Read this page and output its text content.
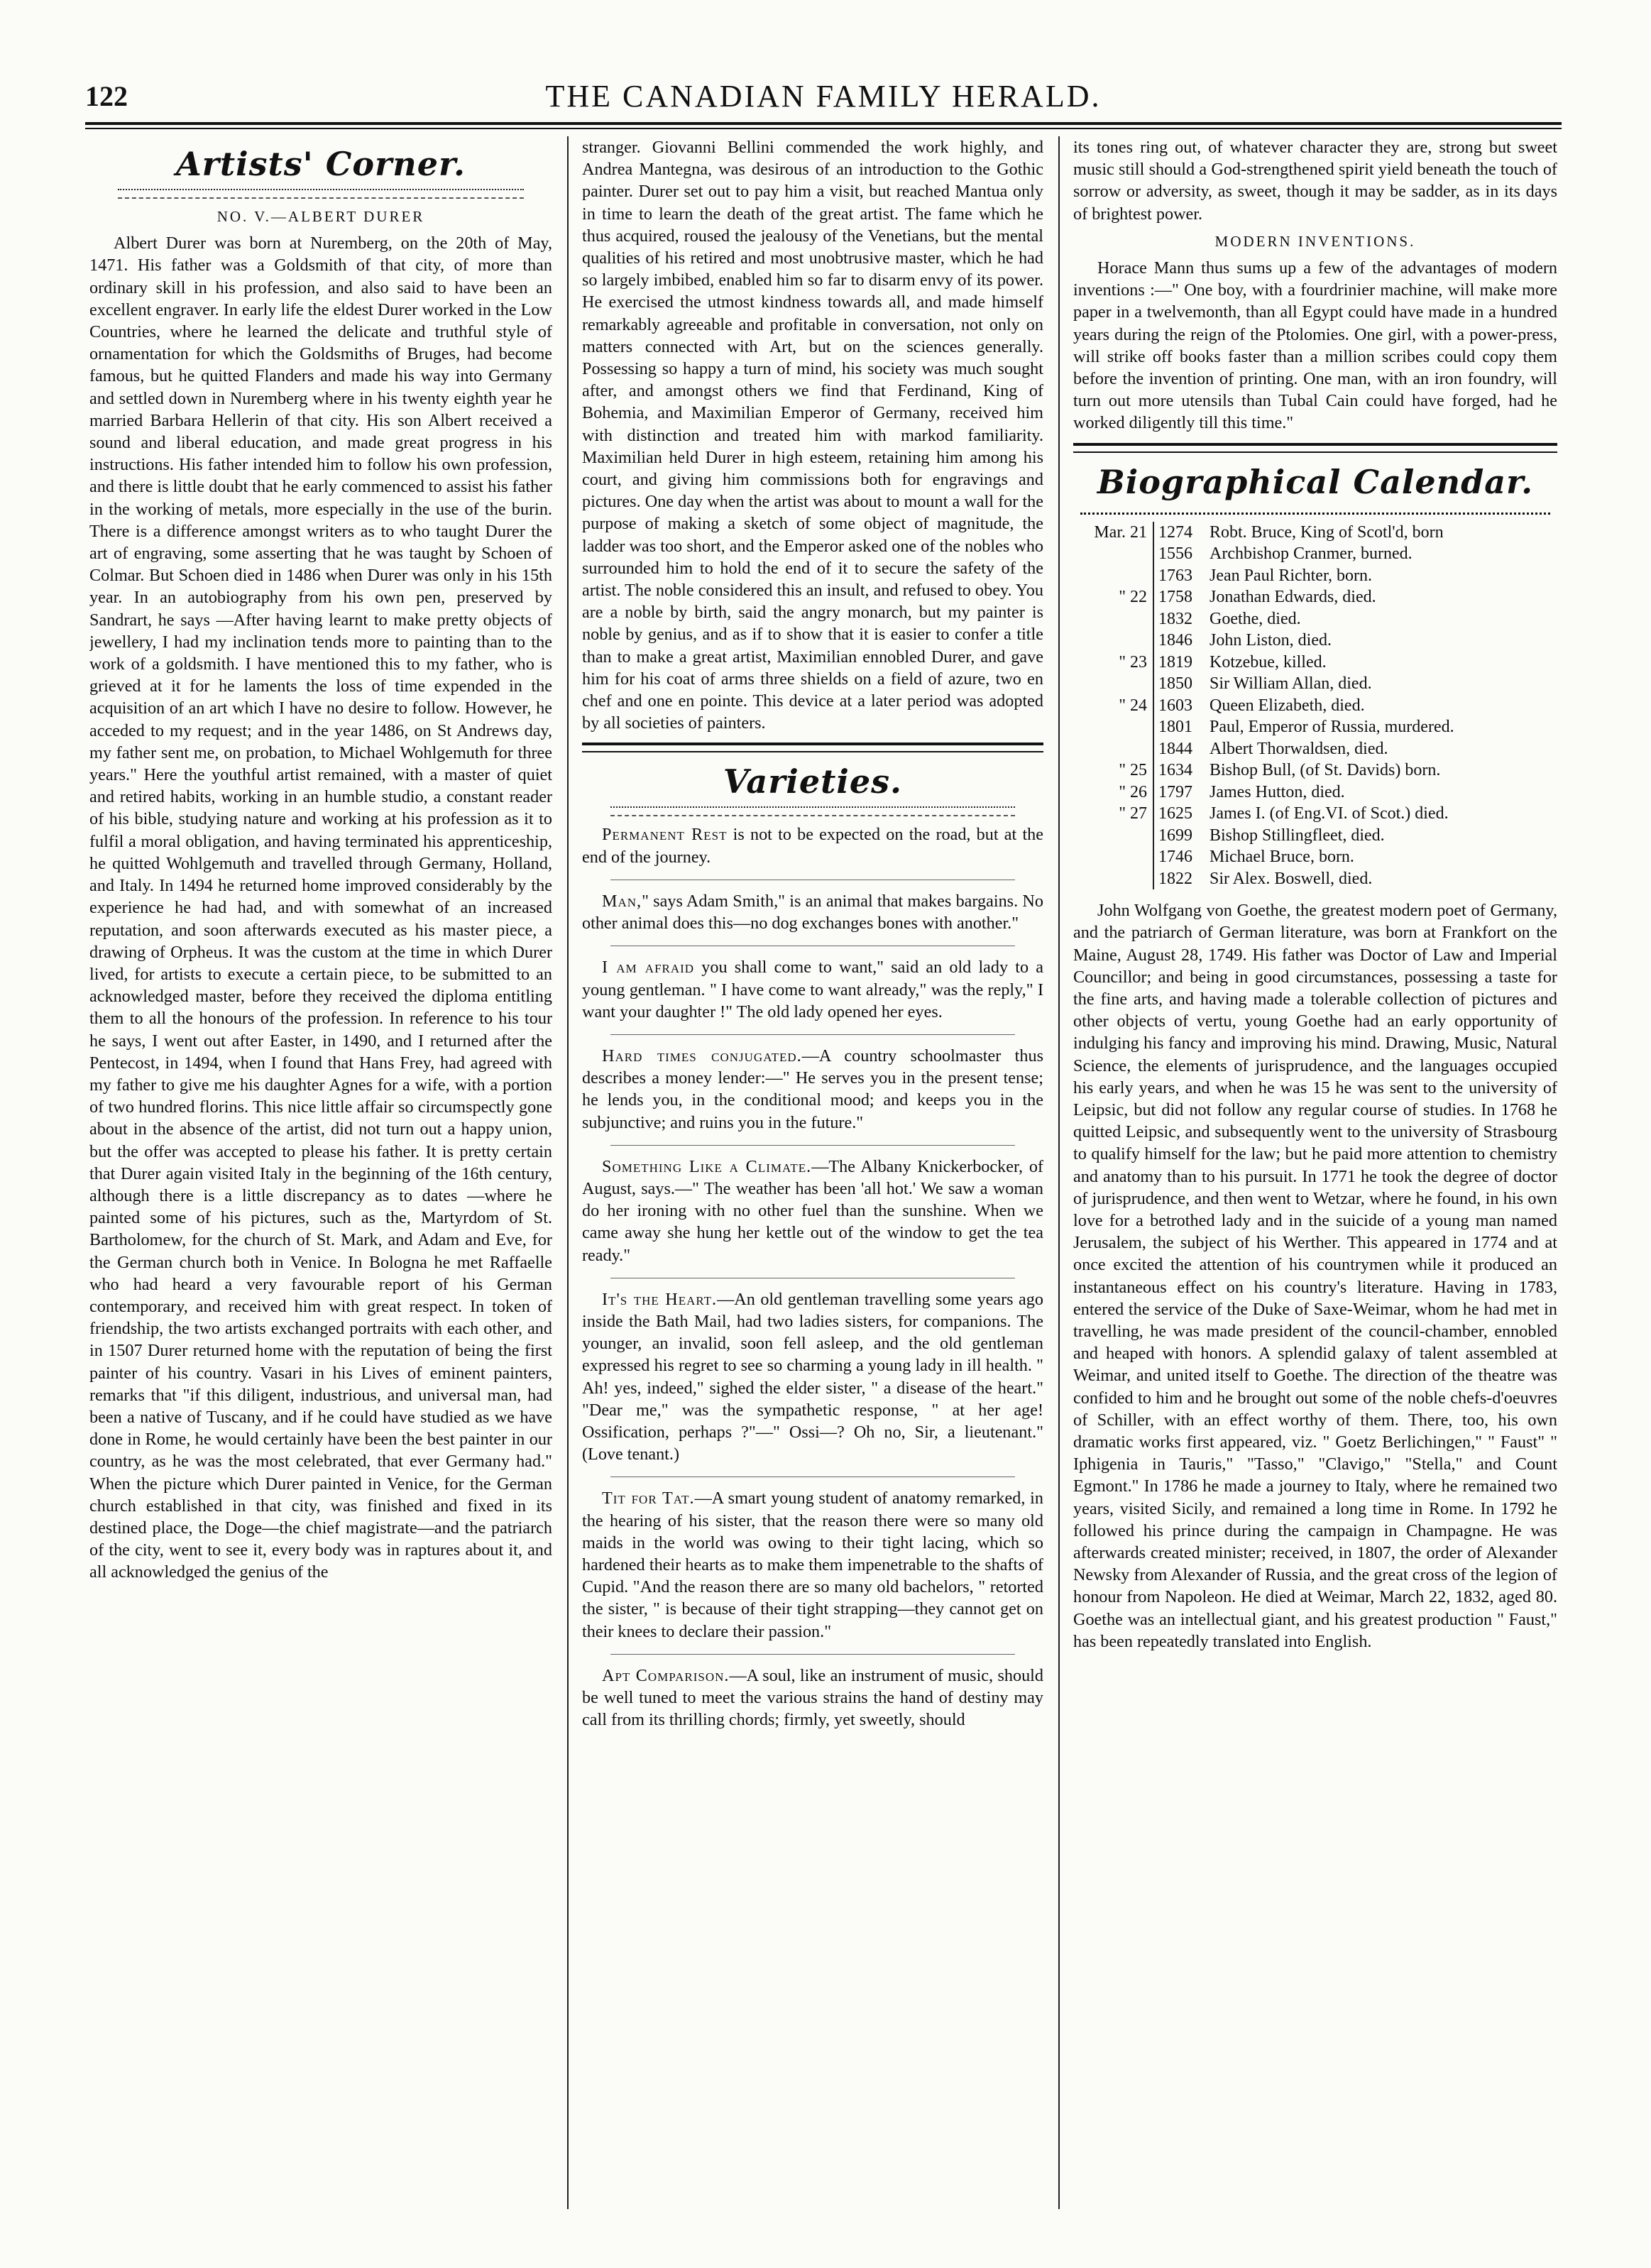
122	THE CANADIAN FAMILY HERALD.
Artists' Corner.
NO. V.—ALBERT DURER

Albert Durer was born at Nuremberg, on the 20th of May, 1471. His father was a Goldsmith of that city, of more than ordinary skill in his profession, and also said to have been an excellent engraver. In early life the eldest Durer worked in the Low Countries, where he learned the delicate and truthful style of ornamentation for which the Goldsmiths of Bruges, had become famous, but he quitted Flanders and made his way into Germany and settled down in Nuremberg where in his twenty eighth year he married Barbara Hellerin of that city. His son Albert received a sound and liberal education, and made great progress in his instructions. His father intended him to follow his own profession, and there is little doubt that he early commenced to assist his father in the working of metals, more especially in the use of the burin. There is a difference amongst writers as to who taught Durer the art of engraving, some asserting that he was taught by Schoen of Colmar. But Schoen died in 1486 when Durer was only in his 15th year. In an autobiography from his own pen, preserved by Sandrart, he says —After having learnt to make pretty objects of jewellery, I had my inclination tends more to painting than to the work of a goldsmith. I have mentioned this to my father, who is grieved at it for he laments the loss of time expended in the acquisition of an art which I have no desire to follow. However, he acceded to my request; and in the year 1486, on St Andrews day, my father sent me, on probation, to Michael Wohlgemuth for three years." Here the youthful artist remained, with a master of quiet and retired habits, working in an humble studio, a constant reader of his bible, studying nature and working at his profession as it to fulfil a moral obligation, and having terminated his apprenticeship, he quitted Wohlgemuth and travelled through Germany, Holland, and Italy. In 1494 he returned home improved considerably by the experience he had had, and with somewhat of an increased reputation, and soon afterwards executed as his master piece, a drawing of Orpheus. It was the custom at the time in which Durer lived, for artists to execute a certain piece, to be submitted to an acknowledged master, before they received the diploma entitling them to all the honours of the profession. In reference to his tour he says, I went out after Easter, in 1490, and I returned after the Pentecost, in 1494, when I found that Hans Frey, had agreed with my father to give me his daughter Agnes for a wife, with a portion of two hundred florins. This nice little affair so circumspectly gone about in the absence of the artist, did not turn out a happy union, but the offer was accepted to please his father. It is pretty certain that Durer again visited Italy in the beginning of the 16th century, although there is a little discrepancy as to dates —where he painted some of his pictures, such as the, Martyrdom of St. Bartholomew, for the church of St. Mark, and Adam and Eve, for the German church both in Venice. In Bologna he met Raffaelle who had heard a very favourable report of his German contemporary, and received him with great respect. In token of friendship, the two artists exchanged portraits with each other, and in 1507 Durer returned home with the reputation of being the first painter of his country. Vasari in his Lives of eminent painters, remarks that "if this diligent, industrious, and universal man, had been a native of Tuscany, and if he could have studied as we have done in Rome, he would certainly have been the best painter in our country, as he was the most celebrated, that ever Germany had." When the picture which Durer painted in Venice, for the German church established in that city, was finished and fixed in its destined place, the Doge—the chief magistrate—and the patriarch of the city, went to see it, every body was in raptures about it, and all acknowledged the genius of the

stranger. Giovanni Bellini commended the work highly, and Andrea Mantegna, was desirous of an introduction to the Gothic painter. Durer set out to pay him a visit, but reached Mantua only in time to learn the death of the great artist. The fame which he thus acquired, roused the jealousy of the Venetians, but the mental qualities of his retired and most unobtrusive master, which he had so largely imbibed, enabled him so far to disarm envy of its power. He exercised the utmost kindness towards all, and made himself remarkably agreeable and profitable in conversation, not only on matters connected with Art, but on the sciences generally. Possessing so happy a turn of mind, his society was much sought after, and amongst others we find that Ferdinand, King of Bohemia, and Maximilian Emperor of Germany, received him with distinction and treated him with markod familiarity. Maximilian held Durer in high esteem, retaining him among his court, and giving him commissions both for engravings and pictures. One day when the artist was about to mount a wall for the purpose of making a sketch of some object of magnitude, the ladder was too short, and the Emperor asked one of the nobles who surrounded him to hold the end of it to secure the safety of the artist. The noble considered this an insult, and refused to obey. You are a noble by birth, said the angry monarch, but my painter is noble by genius, and as if to show that it is easier to confer a title than to make a great artist, Maximilian ennobled Durer, and gave him for his coat of arms three shields on a field of azure, two en chef and one en pointe. This device at a later period was adopted by all societies of painters.

Varieties.

Permanent Rest is not to be expected on the road, but at the end of the journey.

Man," says Adam Smith," is an animal that makes bargains. No other animal does this—no dog exchanges bones with another."

I am afraid you shall come to want," said an old lady to a young gentleman. " I have come to want already," was the reply," I want your daughter !" The old lady opened her eyes.

Hard times conjugated.—A country schoolmaster thus describes a money lender:—" He serves you in the present tense; he lends you, in the conditional mood; and keeps you in the subjunctive; and ruins you in the future."

Something Like a Climate.—The Albany Knickerbocker, of August, says.—" The weather has been 'all hot.' We saw a woman do her ironing with no other fuel than the sunshine. When we came away she hung her kettle out of the window to get the tea ready."

It's the Heart.—An old gentleman travelling some years ago inside the Bath Mail, had two ladies sisters, for companions. The younger, an invalid, soon fell asleep, and the old gentleman expressed his regret to see so charming a young lady in ill health. " Ah! yes, indeed," sighed the elder sister, " a disease of the heart." "Dear me," was the sympathetic response, " at her age! Ossification, perhaps ?"—" Ossi—? Oh no, Sir, a lieutenant." (Love tenant.)

Tit for Tat.—A smart young student of anatomy remarked, in the hearing of his sister, that the reason there were so many old maids in the world was owing to their tight lacing, which so hardened their hearts as to make them impenetrable to the shafts of Cupid. "And the reason there are so many old bachelors, " retorted the sister, " is because of their tight strapping—they cannot get on their knees to declare their passion."

Apt Comparison.—A soul, like an instrument of music, should be well tuned to meet the various strains the hand of destiny may call from its thrilling chords; firmly, yet sweetly, should

its tones ring out, of whatever character they are, strong but sweet music still should a God-strengthened spirit yield beneath the touch of sorrow or adversity, as sweet, though it may be sadder, as in its days of brightest power.

MODERN INVENTIONS.

Horace Mann thus sums up a few of the advantages of modern inventions :—" One boy, with a fourdrinier machine, will make more paper in a twelvemonth, than all Egypt could have made in a hundred years during the reign of the Ptolomies. One girl, with a power-press, will strike off books faster than a million scribes could copy them before the invention of printing. One man, with an iron foundry, will turn out more utensils than Tubal Cain could have forged, had he worked diligently till this time."

Biographical Calendar.
Mar. 21	1274	Robt. Bruce, King of Scotl'd, born
	1556	Archbishop Cranmer, burned.
	1763	Jean Paul Richter, born.
" 22	1758	Jonathan Edwards, died.
	1832	Goethe, died.
	1846	John Liston, died.
" 23	1819	Kotzebue, killed.
	1850	Sir William Allan, died.
" 24	1603	Queen Elizabeth, died.
	1801	Paul, Emperor of Russia, murdered.
	1844	Albert Thorwaldsen, died.
" 25	1634	Bishop Bull, (of St. Davids) born.
" 26	1797	James Hutton, died.
" 27	1625	James I. (of Eng.VI. of Scot.) died.
	1699	Bishop Stillingfleet, died.
	1746	Michael Bruce, born.
	1822	Sir Alex. Boswell, died.

John Wolfgang von Goethe, the greatest modern poet of Germany, and the patriarch of German literature, was born at Frankfort on the Maine, August 28, 1749. His father was Doctor of Law and Imperial Councillor; and being in good circumstances, possessing a taste for the fine arts, and having made a tolerable collection of pictures and other objects of vertu, young Goethe had an early opportunity of indulging his fancy and improving his mind. Drawing, Music, Natural Science, the elements of jurisprudence, and the languages occupied his early years, and when he was 15 he was sent to the university of Leipsic, but did not follow any regular course of studies. In 1768 he quitted Leipsic, and subsequently went to the university of Strasbourg to qualify himself for the law; but he paid more attention to chemistry and anatomy than to his pursuit. In 1771 he took the degree of doctor of jurisprudence, and then went to Wetzar, where he found, in his own love for a betrothed lady and in the suicide of a young man named Jerusalem, the subject of his Werther. This appeared in 1774 and at once excited the attention of his countrymen while it produced an instantaneous effect on his country's literature. Having in 1783, entered the service of the Duke of Saxe-Weimar, whom he had met in travelling, he was made president of the council-chamber, ennobled and heaped with honors. A splendid galaxy of talent assembled at Weimar, and united itself to Goethe. The direction of the theatre was confided to him and he brought out some of the noble chefs-d'oeuvres of Schiller, with an effect worthy of them. There, too, his own dramatic works first appeared, viz. " Goetz Berlichingen," " Faust" " Iphigenia in Tauris," "Tasso," "Clavigo," "Stella," and Count Egmont." In 1786 he made a journey to Italy, where he remained two years, visited Sicily, and remained a long time in Rome. In 1792 he followed his prince during the campaign in Champagne. He was afterwards created minister; received, in 1807, the order of Alexander Newsky from Alexander of Russia, and the great cross of the legion of honour from Napoleon. He died at Weimar, March 22, 1832, aged 80. Goethe was an intellectual giant, and his greatest production " Faust," has been repeatedly translated into English.
